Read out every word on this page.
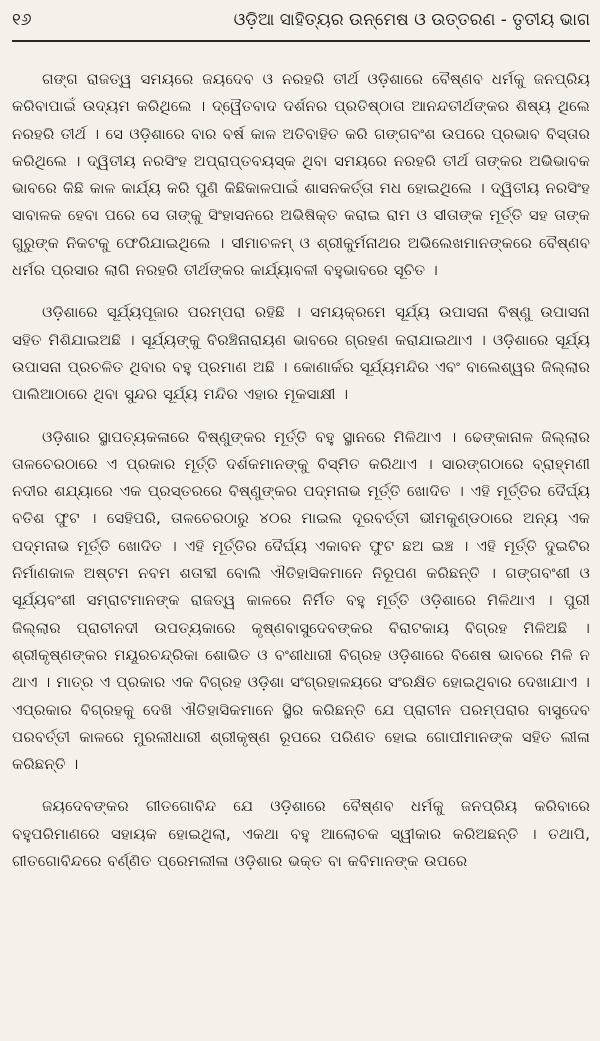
୧୬	ଓଡ଼ିଆ ସାହିତ୍ୟର ଉନ୍ମେଷ ଓ ଉତ୍ତରଣ - ତୃତୀୟ ଭାଗ

ଗଙ୍ଗ ରାଜତ୍ୱ ସମୟରେ ଜୟଦେବ ଓ ନରହରି ତୀର୍ଥ ଓଡ଼ିଶାରେ ବୈଷ୍ଣବ ଧର୍ମକୁ ଜନପ୍ରିୟ କରିବାପାଇଁ ଉଦ୍ୟମ କରିଥିଲେ । ଦ୍ୱୈତବାଦ ଦର୍ଶନର ପ୍ରତିଷ୍ଠାତା ଆନନ୍ଦତୀର୍ଥଙ୍କର ଶିଷ୍ୟ ଥିଲେ ନରହରି ତୀର୍ଥ । ସେ ଓଡ଼ିଶାରେ ବାର ବର୍ଷ କାଳ ଅତିବାହିତ କରି ଗଙ୍ଗବଂଶ ଉପରେ ପ୍ରଭାବ ବିସ୍ତାର କରିଥିଲେ । ଦ୍ୱିତୀୟ ନରସିଂହ ଅପ୍ରାପ୍ତବୟସ୍କ ଥିବା ସମୟରେ ନରହରି ତୀର୍ଥ ତାଙ୍କର ଅଭିଭାବକ ଭାବରେ କିଛି କାଳ କାର୍ଯ୍ୟ କରି ପୁଣି କିଛିକାଳପାଇଁ ଶାସନକର୍ତ୍ତା ମଧ ହୋଇଥିଲେ । ଦ୍ୱିତୀୟ ନରସିଂହ ସାବାଳକ ହେବା ପରେ ସେ ତାଙ୍କୁ ସିଂହାସନରେ ଅଭିଷିକ୍ତ କରାଇ ରାମ ଓ ସୀତାଙ୍କ ମୂର୍ତ୍ତି ସହ ତାଙ୍କ ଗୁରୁଙ୍କ ନିକଟକୁ ଫେରିଯାଇଥିଲେ । ସୀମାଚଳମ୍ ଓ ଶ୍ରୀକୁର୍ମନାଥର ଅଭିଲେଖମାନଙ୍କରେ ବୈଷ୍ଣବ ଧର୍ମର ପ୍ରସାର ଲାଗି ନରହରି ତୀର୍ଥଙ୍କର କାର୍ଯ୍ୟାବଳୀ ବହୁଭାବରେ ସୂଚିତ ।

ଓଡ଼ିଶାରେ ସୂର୍ଯ୍ୟପୂଜାର ପରମ୍ପରା ରହିଛି । ସମୟକ୍ରମେ ସୂର୍ଯ୍ୟ ଉପାସନା ବିଷ୍ଣୁ ଉପାସନା ସହିତ ମିଶିଯାଇଅଛି । ସୂର୍ଯ୍ୟଙ୍କୁ ବିରଞ୍ଚିନାରାୟଣ ଭାବରେ ଗ୍ରହଣ କରାଯାଇଥାଏ । ଓଡ଼ିଶାରେ ସୂର୍ଯ୍ୟ ଉପାସନା ପ୍ରଚଳିତ ଥିବାର ବହୁ ପ୍ରମାଣ ଅଛି । କୋଣାର୍କର ସୂର୍ଯ୍ୟମନ୍ଦିର ଏବଂ ବାଲେଶ୍ୱର ଜିଲ୍ଲାର ପାଲିଆଠାରେ ଥିବା ସୁନ୍ଦର ସୂର୍ଯ୍ୟ ମନ୍ଦିର ଏହାର ମୂକସାକ୍ଷୀ ।

ଓଡ଼ିଶାର ସ୍ଥାପତ୍ୟକଳାରେ ବିଷ୍ଣୁଙ୍କର ମୂର୍ତ୍ତି ବହୁ ସ୍ଥାନରେ ମିଳିଥାଏ । ଢେଙ୍କାନାଳ ଜିଲ୍ଲାର ତାଳଚେରଠାରେ ଏ ପ୍ରକାର ମୂର୍ତ୍ତି ଦର୍ଶକମାନଙ୍କୁ ବିସ୍ମିତ କରିଥାଏ । ସାରଙ୍ଗଠାରେ ବ୍ରାହ୍ମଣୀ ନଦୀର ଶଯ୍ୟାରେ ଏକ ପ୍ରସ୍ତରରେ ବିଷ୍ଣୁଙ୍କର ପଦ୍ମନାଭ ମୂର୍ତ୍ତି ଖୋଦିତ । ଏହି ମୂର୍ତ୍ତିର ଦୈର୍ଘ୍ୟ ବତିଶ ଫୁଟ । ସେହିପରି, ତାଳଚେରଠାରୁ ୪୦ର ମାଇଲ ଦୂରବର୍ତ୍ତୀ ଭୀମକୁଣ୍ଡଠାରେ ଅନ୍ୟ ଏକ ପଦ୍ମନାଭ ମୂର୍ତ୍ତି ଖୋଦିତ । ଏହି ମୂର୍ତ୍ତିର ଦୈର୍ଘ୍ୟ ଏକାବନ ଫୁଟ ଛଅ ଇଞ୍ଚ । ଏହି ମୂର୍ତ୍ତି ଦୁଇଟିର ନିର୍ମାଣକାଳ ଅଷ୍ଟମ ନବମ ଶତାବ୍ଦୀ ବୋଲି ଐତିହାସିକମାନେ ନିରୂପଣ କରିଛନ୍ତି । ଗଙ୍ଗବଂଶୀ ଓ ସୂର୍ଯ୍ୟବଂଶୀ ସମ୍ରାଟମାନଙ୍କ ରାଜତ୍ୱ କାଳରେ ନିର୍ମିତ ବହୁ ମୂର୍ତ୍ତି ଓଡ଼ିଶାରେ ମିଳିଥାଏ । ପୁରୀ ଜିଲ୍ଲାର ପ୍ରାଚୀନଦୀ ଉପତ୍ୟକାରେ କୃଷ୍ଣବାସୁଦେବଙ୍କର ବିରାଟକାୟ ବିଗ୍ରହ ମିଳିଅଛି । ଶ୍ରୀକୃଷ୍ଣଙ୍କର ମୟୂରଚନ୍ଦ୍ରିକା ଶୋଭିତ ଓ ବଂଶୀଧାରୀ ବିଗ୍ରହ ଓଡ଼ିଶାରେ ବିଶେଷ ଭାବରେ ମିଳି ନ ଥାଏ । ମାତ୍ର ଏ ପ୍ରକାର ଏକ ବିଗ୍ରହ ଓଡ଼ିଶା ସଂଗ୍ରହାଳୟରେ ସଂରକ୍ଷିତ ହୋଇଥିବାର ଦେଖାଯାଏ । ଏପ୍ରକାର ବିଗ୍ରହକୁ ଦେଖି ଐତିହାସିକମାନେ ସ୍ଥିର କରିଛନ୍ତି ଯେ ପ୍ରାଚୀନ ପରମ୍ପରାର ବାସୁଦେବ ପରବର୍ତ୍ତୀ କାଳରେ ମୁରଲୀଧାରୀ ଶ୍ରୀକୃଷ୍ଣ ରୂପରେ ପରିଣତ ହୋଇ ଗୋପୀମାନଙ୍କ ସହିତ ଲୀଳା କରିଛନ୍ତି ।

ଜୟଦେବଙ୍କର ଗୀତଗୋବିନ୍ଦ ଯେ ଓଡ଼ିଶାରେ ବୈଷ୍ଣବ ଧର୍ମକୁ ଜନପ୍ରିୟ କରିବାରେ ବହୁପରିମାଣରେ ସହାୟକ ହୋଇଥିଲା, ଏକଥା ବହୁ ଆଲୋଚକ ସ୍ୱୀକାର କରିଅଛନ୍ତି । ତଥାପି, ଗୀତଗୋବିନ୍ଦରେ ବର୍ଣ୍ଣିତ ପ୍ରେମଲୀଳା ଓଡ଼ିଶାର ଭକ୍ତ ବା କବିମାନଙ୍କ ଉପରେ
